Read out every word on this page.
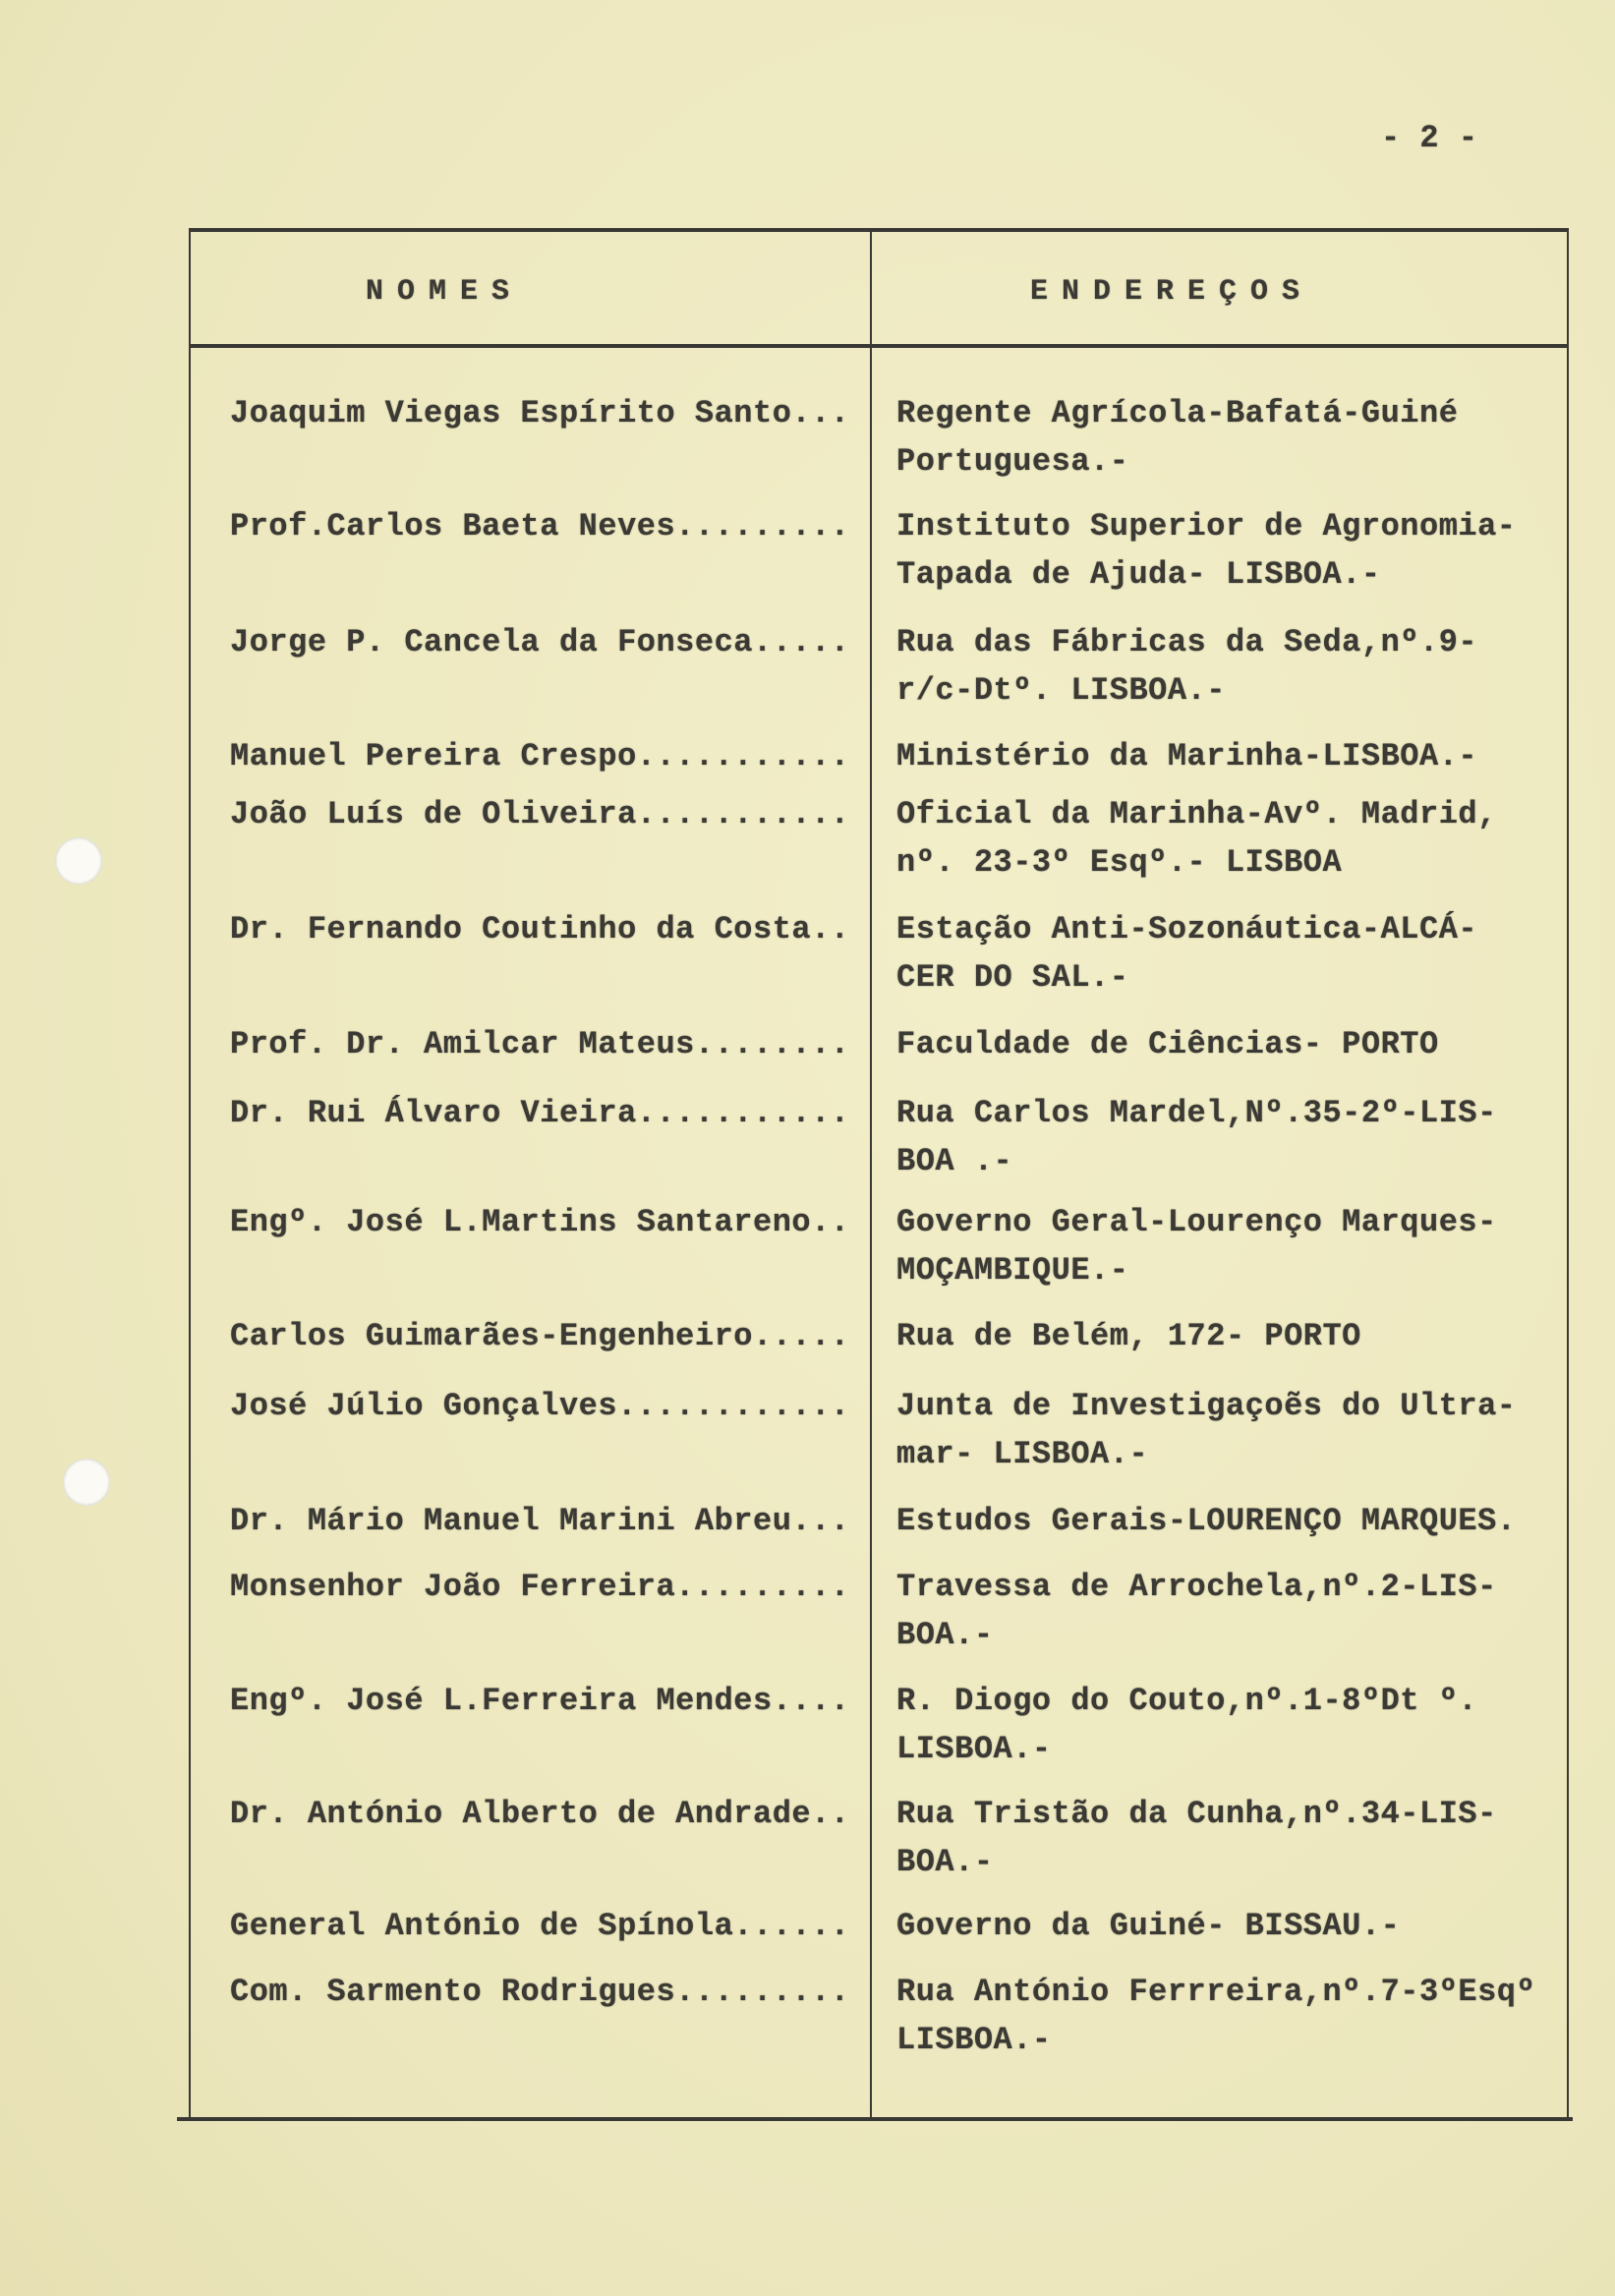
- 2 -
NOMES	ENDEREÇOS
Joaquim Viegas Espírito Santo... Regente Agrícola-Bafatá-Guiné
Portuguesa.-
Prof.Carlos Baeta Neves......... Instituto Superior de Agronomia-
Tapada de Ajuda- LISBOA.-
Jorge P. Cancela da Fonseca..... Rua das Fábricas da Seda,nº.9-
r/c-Dtº. LISBOA.-
Manuel Pereira Crespo........... Ministério da Marinha-LISBOA.-
João Luís de Oliveira........... Oficial da Marinha-Avº. Madrid,
nº. 23-3º Esqº.- LISBOA
Dr. Fernando Coutinho da Costa.. Estação Anti-Sozonáutica-ALCÁ-
CER DO SAL.-
Prof. Dr. Amilcar Mateus........ Faculdade de Ciências- PORTO
Dr. Rui Álvaro Vieira........... Rua Carlos Mardel,Nº.35-2º-LIS-
BOA .-
Engº. José L.Martins Santareno.. Governo Geral-Lourenço Marques-
MOÇAMBIQUE.-
Carlos Guimarães-Engenheiro..... Rua de Belém, 172- PORTO
José Júlio Gonçalves............ Junta de Investigaçoẽs do Ultra-
mar- LISBOA.-
Dr. Mário Manuel Marini Abreu... Estudos Gerais-LOURENÇO MARQUES.
Monsenhor João Ferreira......... Travessa de Arrochela,nº.2-LIS-
BOA.-
Engº. José L.Ferreira Mendes.... R. Diogo do Couto,nº.1-8ºDt º.
LISBOA.-
Dr. António Alberto de Andrade.. Rua Tristão da Cunha,nº.34-LIS-
BOA.-
General António de Spínola...... Governo da Guiné- BISSAU.-
Com. Sarmento Rodrigues......... Rua António Ferrreira,nº.7-3ºEsqº
LISBOA.-
